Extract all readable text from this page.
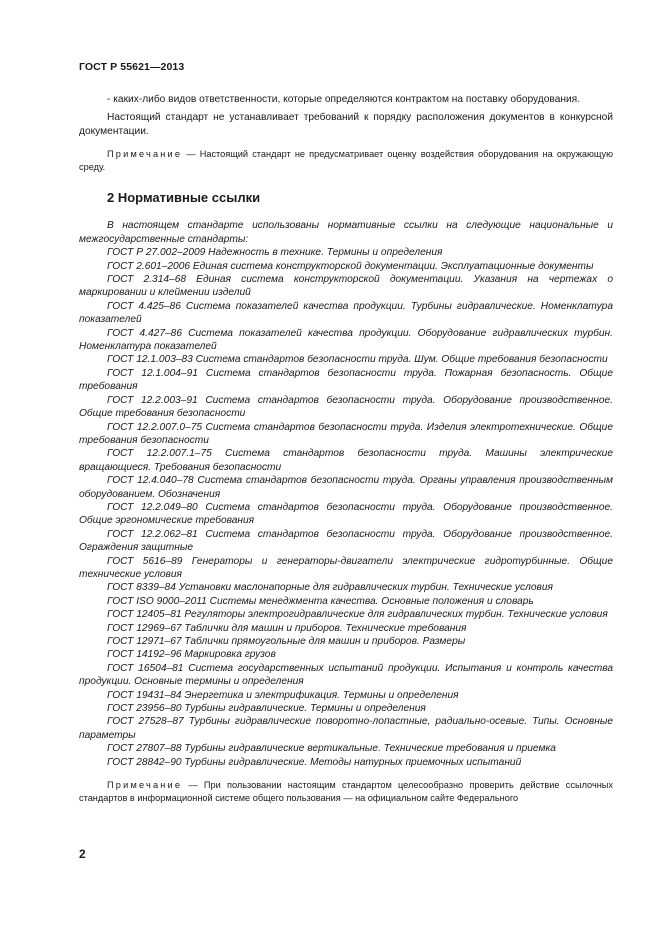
ГОСТ Р 55621—2013

- каких-либо видов ответственности, которые определяются контрактом на поставку оборудования.

Настоящий стандарт не устанавливает требований к порядку расположения документов в конкурсной документации.

Примечание — Настоящий стандарт не предусматривает оценку воздействия оборудования на окружающую среду.

2 Нормативные ссылки

В настоящем стандарте использованы нормативные ссылки на следующие национальные и межгосударственные стандарты:

ГОСТ Р 27.002–2009 Надежность в технике. Термины и определения

ГОСТ 2.601–2006 Единая система конструкторской документации. Эксплуатационные документы

ГОСТ 2.314–68 Единая система конструкторской документации. Указания на чертежах о маркировании и клеймении изделий

ГОСТ 4.425–86 Система показателей качества продукции. Турбины гидравлические. Номенклатура показателей

ГОСТ 4.427–86 Система показателей качества продукции. Оборудование гидравлических турбин. Номенклатура показателей

ГОСТ 12.1.003–83 Система стандартов безопасности труда. Шум. Общие требования безопасности

ГОСТ 12.1.004–91 Система стандартов безопасности труда. Пожарная безопасность. Общие требования

ГОСТ 12.2.003–91 Система стандартов безопасности труда. Оборудование производственное. Общие требования безопасности

ГОСТ 12.2.007.0–75 Система стандартов безопасности труда. Изделия электротехнические. Общие требования безопасности

ГОСТ 12.2.007.1–75 Система стандартов безопасности труда. Машины электрические вращающиеся. Требования безопасности

ГОСТ 12.4.040–78 Система стандартов безопасности труда. Органы управления производственным оборудованием. Обозначения

ГОСТ 12.2.049–80 Система стандартов безопасности труда. Оборудование производственное. Общие эргономические требования

ГОСТ 12.2.062–81 Система стандартов безопасности труда. Оборудование производственное. Ограждения защитные

ГОСТ 5616–89 Генераторы и генераторы-двигатели электрические гидротурбинные. Общие технические условия

ГОСТ 8339–84 Установки маслонапорные для гидравлических турбин. Технические условия

ГОСТ ISO 9000–2011 Системы менеджмента качества. Основные положения и словарь

ГОСТ 12405–81 Регуляторы электрогидравлические для гидравлических турбин. Технические условия

ГОСТ 12969–67 Таблички для машин и приборов. Технические требования

ГОСТ 12971–67 Таблички прямоугольные для машин и приборов. Размеры

ГОСТ 14192–96 Маркировка грузов

ГОСТ 16504–81 Система государственных испытаний продукции. Испытания и контроль качества продукции. Основные термины и определения

ГОСТ 19431–84 Энергетика и электрификация. Термины и определения

ГОСТ 23956–80 Турбины гидравлические. Термины и определения

ГОСТ 27528–87 Турбины гидравлические поворотно-лопастные, радиально-осевые. Типы. Основные параметры

ГОСТ 27807–88 Турбины гидравлические вертикальные. Технические требования и приемка

ГОСТ 28842–90 Турбины гидравлические. Методы натурных приемочных испытаний

Примечание — При пользовании настоящим стандартом целесообразно проверить действие ссылочных стандартов в информационной системе общего пользования — на официальном сайте Федерального

2
